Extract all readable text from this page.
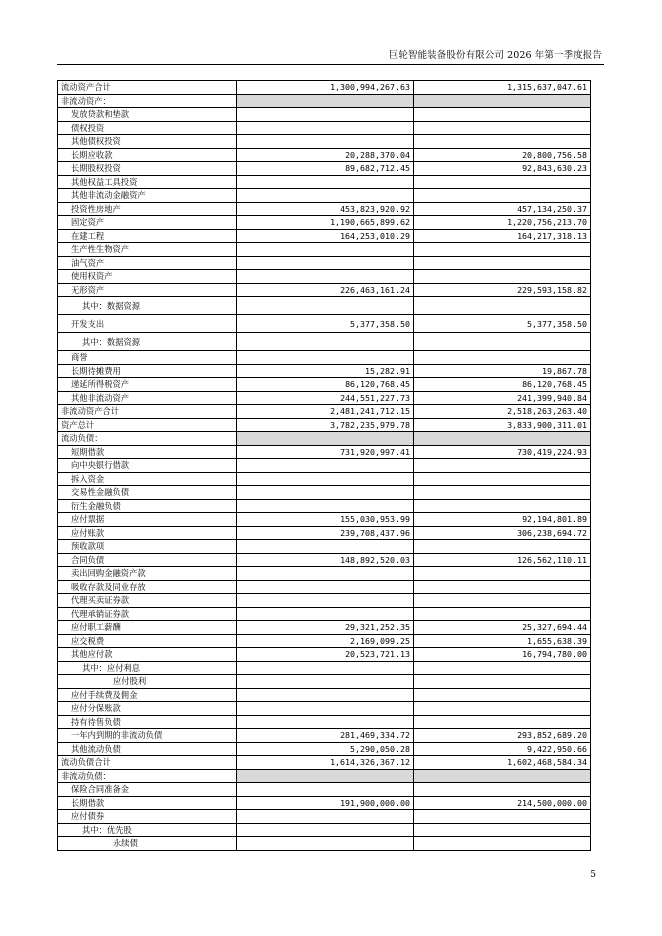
巨轮智能装备股份有限公司 2026 年第一季度报告
流动资产合计	1,300,994,267.63	1,315,637,047.61
非流动资产：		
发放贷款和垫款		
债权投资		
其他债权投资		
长期应收款	20,288,370.04	20,800,756.58
长期股权投资	89,682,712.45	92,843,630.23
其他权益工具投资		
其他非流动金融资产		
投资性房地产	453,823,920.92	457,134,250.37
固定资产	1,190,665,899.62	1,220,756,213.70
在建工程	164,253,010.29	164,217,318.13
生产性生物资产		
油气资产		
使用权资产		
无形资产	226,463,161.24	229,593,158.82
其中：数据资源		
开发支出	5,377,358.50	5,377,358.50
其中：数据资源		
商誉		
长期待摊费用	15,282.91	19,867.78
递延所得税资产	86,120,768.45	86,120,768.45
其他非流动资产	244,551,227.73	241,399,940.84
非流动资产合计	2,481,241,712.15	2,518,263,263.40
资产总计	3,782,235,979.78	3,833,900,311.01
流动负债：		
短期借款	731,920,997.41	730,419,224.93
向中央银行借款		
拆入资金		
交易性金融负债		
衍生金融负债		
应付票据	155,030,953.99	92,194,801.89
应付账款	239,708,437.96	306,238,694.72
预收款项		
合同负债	148,892,520.03	126,562,110.11
卖出回购金融资产款		
吸收存款及同业存放		
代理买卖证券款		
代理承销证券款		
应付职工薪酬	29,321,252.35	25,327,694.44
应交税费	2,169,099.25	1,655,638.39
其他应付款	20,523,721.13	16,794,780.00
其中：应付利息		
应付股利		
应付手续费及佣金		
应付分保账款		
持有待售负债		
一年内到期的非流动负债	281,469,334.72	293,852,689.20
其他流动负债	5,290,050.28	9,422,950.66
流动负债合计	1,614,326,367.12	1,602,468,584.34
非流动负债：		
保险合同准备金		
长期借款	191,900,000.00	214,500,000.00
应付债券		
其中：优先股		
永续债		
5
